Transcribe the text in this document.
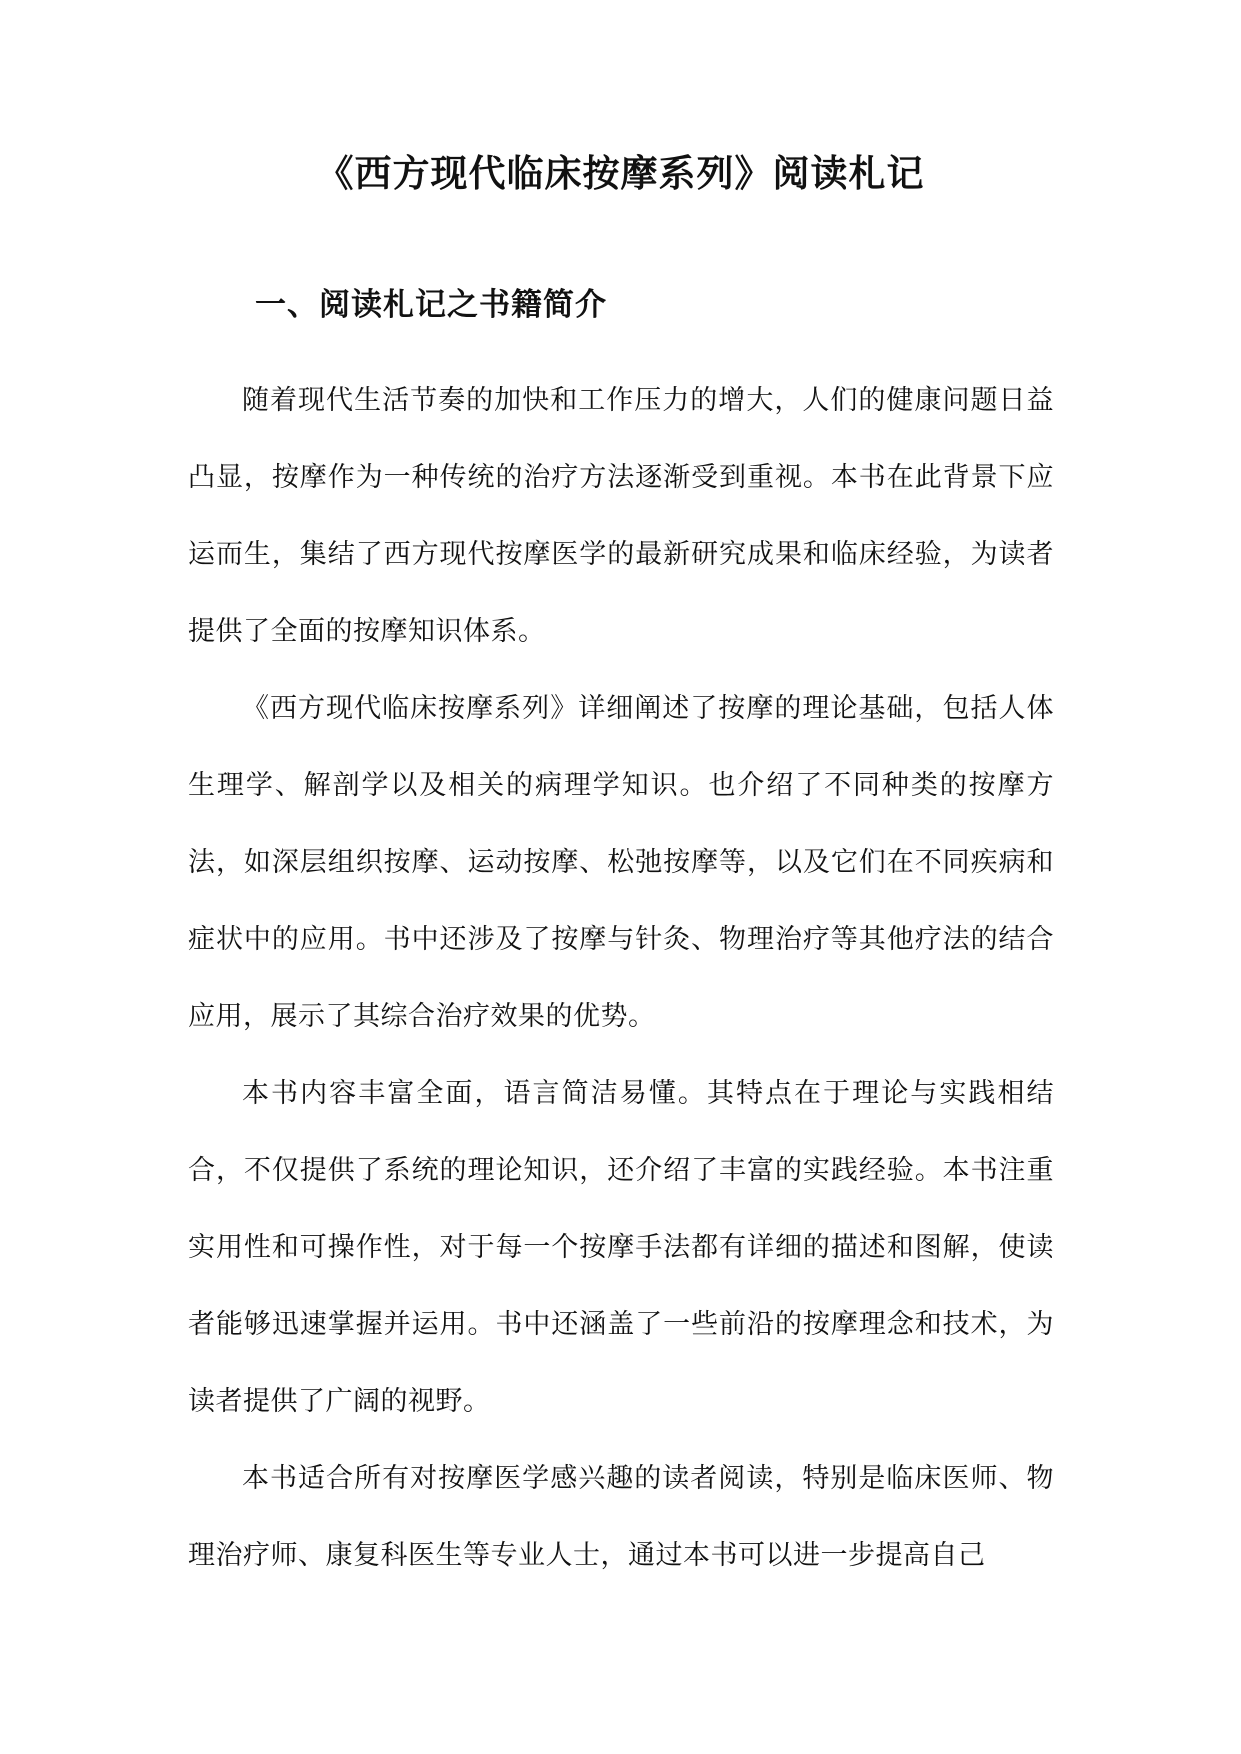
《西方现代临床按摩系列》阅读札记
一、阅读札记之书籍简介

随着现代生活节奏的加快和工作压力的增大，人们的健康问题日益凸显，按摩作为一种传统的治疗方法逐渐受到重视。本书在此背景下应运而生，集结了西方现代按摩医学的最新研究成果和临床经验，为读者提供了全面的按摩知识体系。

《西方现代临床按摩系列》详细阐述了按摩的理论基础，包括人体生理学、解剖学以及相关的病理学知识。也介绍了不同种类的按摩方法，如深层组织按摩、运动按摩、松弛按摩等，以及它们在不同疾病和症状中的应用。书中还涉及了按摩与针灸、物理治疗等其他疗法的结合应用，展示了其综合治疗效果的优势。

本书内容丰富全面，语言简洁易懂。其特点在于理论与实践相结合，不仅提供了系统的理论知识，还介绍了丰富的实践经验。本书注重实用性和可操作性，对于每一个按摩手法都有详细的描述和图解，使读者能够迅速掌握并运用。书中还涵盖了一些前沿的按摩理念和技术，为读者提供了广阔的视野。

本书适合所有对按摩医学感兴趣的读者阅读，特别是临床医师、物理治疗师、康复科医生等专业人士，通过本书可以进一步提高自己
